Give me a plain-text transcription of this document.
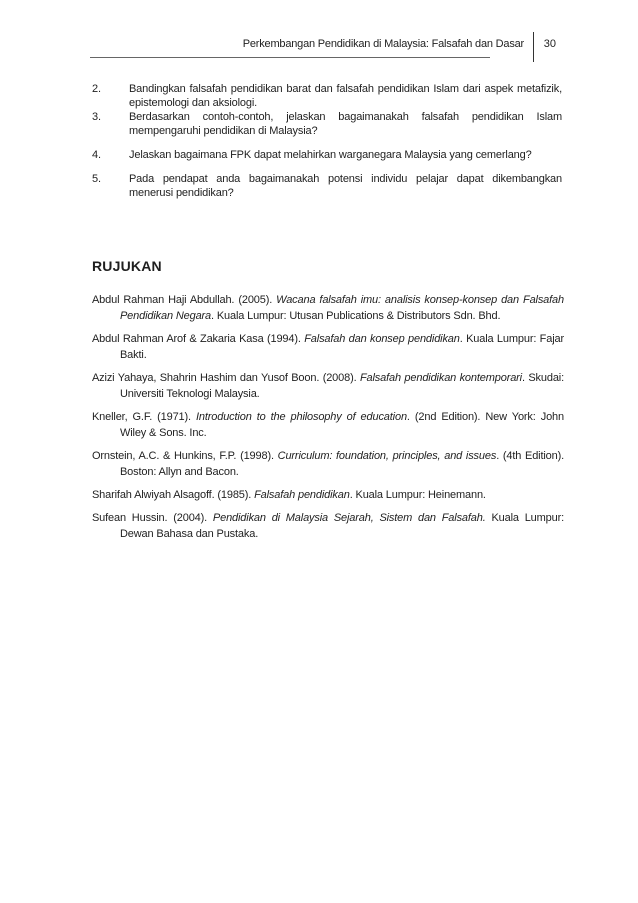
Perkembangan Pendidikan di Malaysia: Falsafah dan Dasar 30
2.	Bandingkan falsafah pendidikan barat dan falsafah pendidikan Islam dari aspek metafizik, epistemologi dan aksiologi.
3.	Berdasarkan contoh-contoh, jelaskan bagaimanakah falsafah pendidikan Islam mempengaruhi pendidikan di Malaysia?
4.	Jelaskan bagaimana FPK dapat melahirkan warganegara Malaysia yang cemerlang?
5.	Pada pendapat anda bagaimanakah potensi individu pelajar dapat dikembangkan menerusi pendidikan?
RUJUKAN
Abdul Rahman Haji Abdullah. (2005). Wacana falsafah imu: analisis konsep-konsep dan Falsafah Pendidikan Negara. Kuala Lumpur: Utusan Publications & Distributors Sdn. Bhd.
Abdul Rahman Arof & Zakaria Kasa (1994). Falsafah dan konsep pendidikan. Kuala Lumpur: Fajar Bakti.
Azizi Yahaya, Shahrin Hashim dan Yusof Boon. (2008). Falsafah pendidikan kontemporari. Skudai: Universiti Teknologi Malaysia.
Kneller, G.F. (1971). Introduction to the philosophy of education. (2nd Edition). New York: John Wiley & Sons. Inc.
Ornstein, A.C. & Hunkins, F.P. (1998). Curriculum: foundation, principles, and issues. (4th Edition). Boston: Allyn and Bacon.
Sharifah Alwiyah Alsagoff. (1985). Falsafah pendidikan. Kuala Lumpur: Heinemann.
Sufean Hussin. (2004). Pendidikan di Malaysia Sejarah, Sistem dan Falsafah. Kuala Lumpur: Dewan Bahasa dan Pustaka.
